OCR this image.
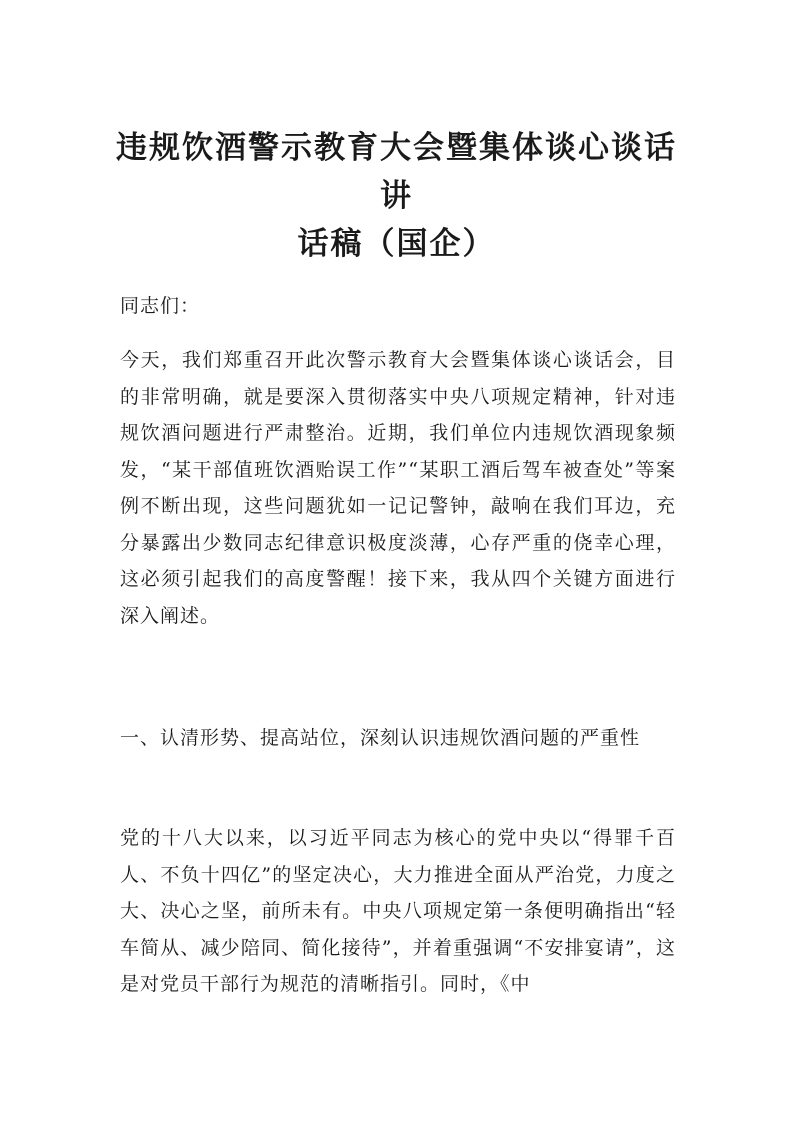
违规饮酒警示教育大会暨集体谈心谈话讲
话稿（国企）
同志们：
今天，我们郑重召开此次警示教育大会暨集体谈心谈话会，目的非常明确，就是要深入贯彻落实中央八项规定精神，针对违规饮酒问题进行严肃整治。近期，我们单位内违规饮酒现象频发，“某干部值班饮酒贻误工作”“某职工酒后驾车被查处”等案例不断出现，这些问题犹如一记记警钟，敲响在我们耳边，充分暴露出少数同志纪律意识极度淡薄，心存严重的侥幸心理，这必须引起我们的高度警醒！接下来，我从四个关键方面进行深入阐述。
一、认清形势、提高站位，深刻认识违规饮酒问题的严重性
党的十八大以来，以习近平同志为核心的党中央以“得罪千百人、不负十四亿”的坚定决心，大力推进全面从严治党，力度之大、决心之坚，前所未有。中央八项规定第一条便明确指出“轻车简从、减少陪同、简化接待”，并着重强调“不安排宴请”，这是对党员干部行为规范的清晰指引。同时，《中
